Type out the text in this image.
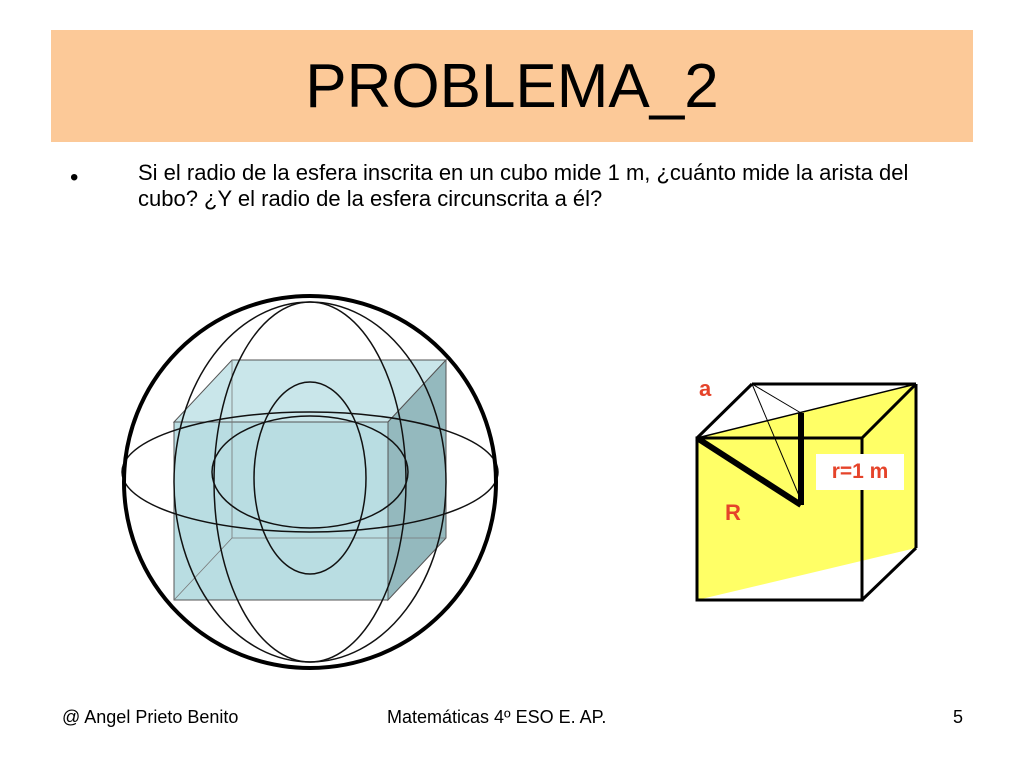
PROBLEMA_2
•	Si el radio de la esfera inscrita en un cubo mide 1 m, ¿cuánto mide la arista del cubo? ¿Y el radio de la esfera circunscrita a él?
a
r=1 m
R
@ Angel Prieto Benito	Matemáticas 4º ESO E. AP.	5
